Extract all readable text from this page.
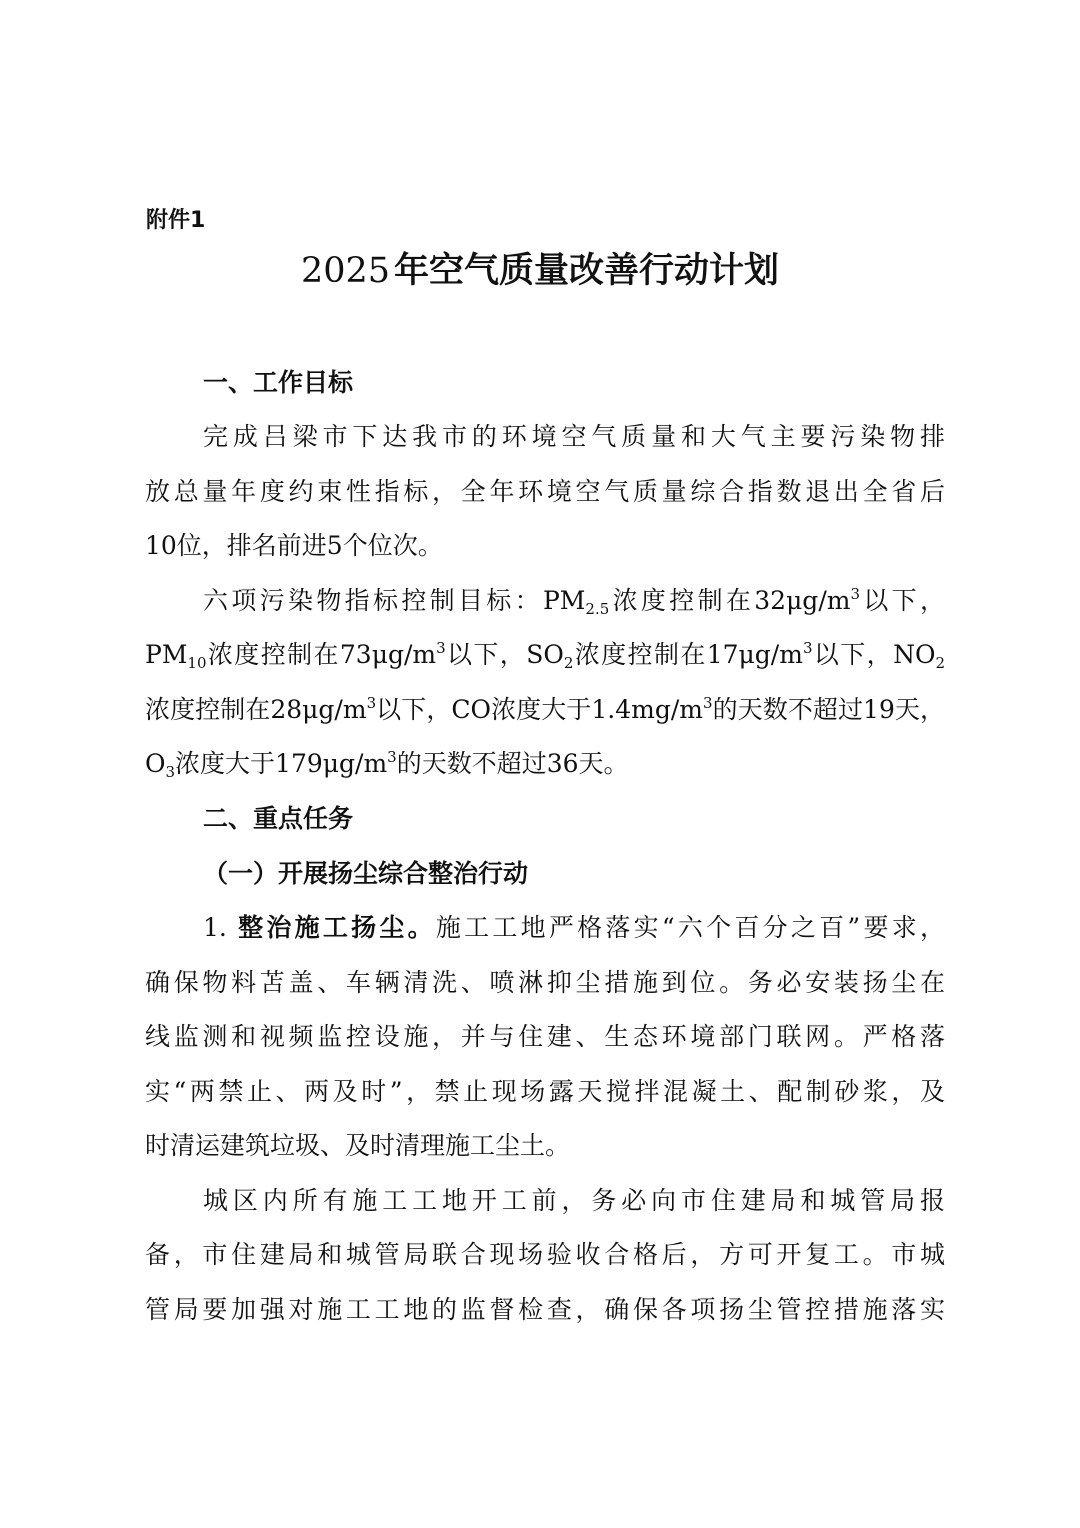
附件1
2025 年空气质量改善行动计划
一、工作目标
完成吕梁市下达我市的环境空气质量和大气主要污染物排
放总量年度约束性指标，全年环境空气质量综合指数退出全省后
10位，排名前进5个位次。
六项污染物指标控制目标：$PM_{2.5}$浓度控制在$32\mu g/m^3$以下，
$PM_{10}$浓度控制在$73\mu g/m^3$以下，$SO_2$浓度控制在$17\mu g/m^3$以下，$NO_2$
浓度控制在$28\mu g/m^3$以下，CO浓度大于$1.4mg/m^3$的天数不超过19天，
$O_3$浓度大于$179\mu g/m^3$的天数不超过36天。
二、重点任务
（一）开展扬尘综合整治行动
1. 整治施工扬尘。施工工地严格落实“六个百分之百”要求，
确保物料苫盖、车辆清洗、喷淋抑尘措施到位。务必安装扬尘在
线监测和视频监控设施，并与住建、生态环境部门联网。严格落
实“两禁止、两及时”，禁止现场露天搅拌混凝土、配制砂浆，及
时清运建筑垃圾、及时清理施工尘土。
城区内所有施工工地开工前，务必向市住建局和城管局报
备，市住建局和城管局联合现场验收合格后，方可开复工。市城
管局要加强对施工工地的监督检查，确保各项扬尘管控措施落实
